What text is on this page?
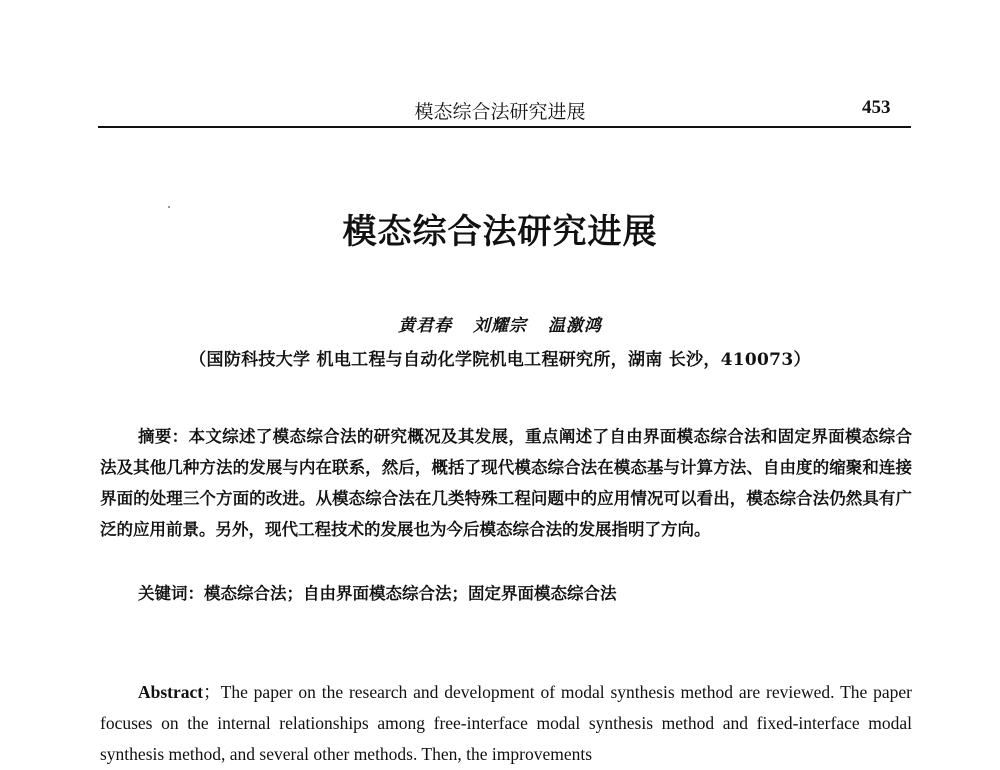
模态综合法研究进展	453
模态综合法研究进展
黄君春 刘耀宗 温激鸿
（国防科技大学 机电工程与自动化学院机电工程研究所，湖南 长沙，410073）
摘要：本文综述了模态综合法的研究概况及其发展，重点阐述了自由界面模态综合法和固定界面模态综合法及其他几种方法的发展与内在联系，然后，概括了现代模态综合法在模态基与计算方法、自由度的缩聚和连接界面的处理三个方面的改进。从模态综合法在几类特殊工程问题中的应用情况可以看出，模态综合法仍然具有广泛的应用前景。另外，现代工程技术的发展也为今后模态综合法的发展指明了方向。
关键词：模态综合法；自由界面模态综合法；固定界面模态综合法
Abstract；The paper on the research and development of modal synthesis method are reviewed. The paper focuses on the internal relationships among free-interface modal synthesis method and fixed-interface modal synthesis method, and several other methods. Then, the improvements
